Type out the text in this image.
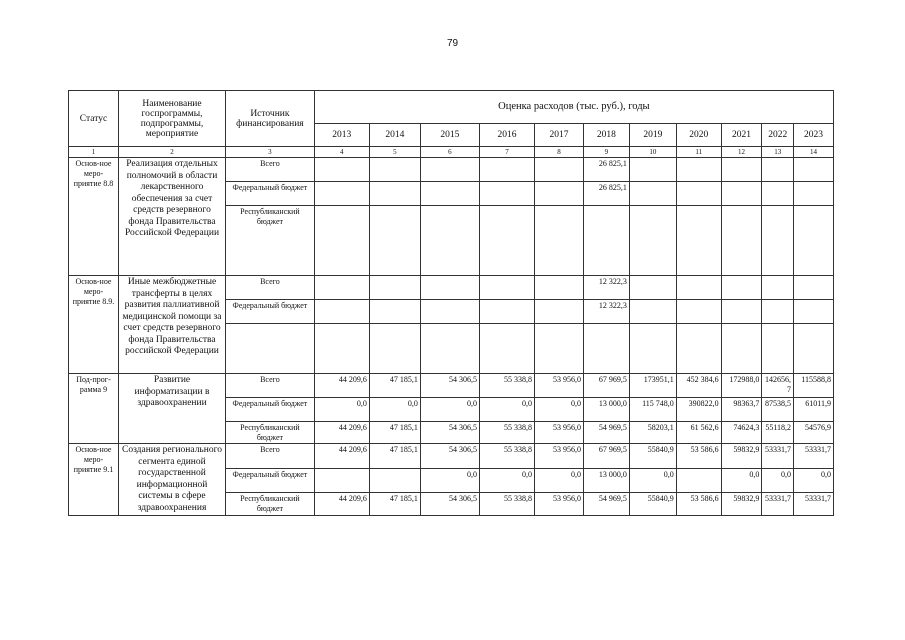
79
Статус	Наименование госпрограммы, подпрограммы, мероприятие	Источник финансирования	Оценка расходов (тыс. руб.), годы										
			2013	2014	2015	2016	2017	2018	2019	2020	2021	2022	2023
1	2	3	4	5	6	7	8	9	10	11	12	13	14
Основ-ное меро-приятие 8.8	Реализация отдельных полномочий в области лекарственного обеспечения за счет средств резервного фонда Правительства Российской Федерации	Всего						26 825,1					
		Федеральный бюджет						26 825,1					
		Республиканский бюджет											
Основ-ное меро-приятие 8.9.	Иные межбюджетные трансферты в целях развития паллиативной медицинской помощи за счет средств резервного фонда Правительства российской Федерации	Всего						12 322,3					
		Федеральный бюджет						12 322,3					

Под-прог-рамма 9	Развитие информатизации в здравоохранении	Всего	44 209,6	47 185,1	54 306,5	55 338,8	53 956,0	67 969,5	173951,1	452 384,6	172988,0	142656,7	115588,8
		Федеральный бюджет	0,0	0,0	0,0	0,0	0,0	13 000,0	115 748,0	390822,0	98363,7	87538,5	61011,9
		Республиканский бюджет	44 209,6	47 185,1	54 306,5	55 338,8	53 956,0	54 969,5	58203,1	61 562,6	74624,3	55118,2	54576,9
Основ-ное меро-приятие 9.1	Создания регионального сегмента единой государственной информационной системы в сфере здравоохранения	Всего	44 209,6	47 185,1	54 306,5	55 338,8	53 956,0	67 969,5	55840,9	53 586,6	59832,9	53331,7	53331,7
		Федеральный бюджет			0,0	0,0	0,0	13 000,0	0,0		0,0	0,0	0,0
		Республиканский бюджет	44 209,6	47 185,1	54 306,5	55 338,8	53 956,0	54 969,5	55840,9	53 586,6	59832,9	53331,7	53331,7
